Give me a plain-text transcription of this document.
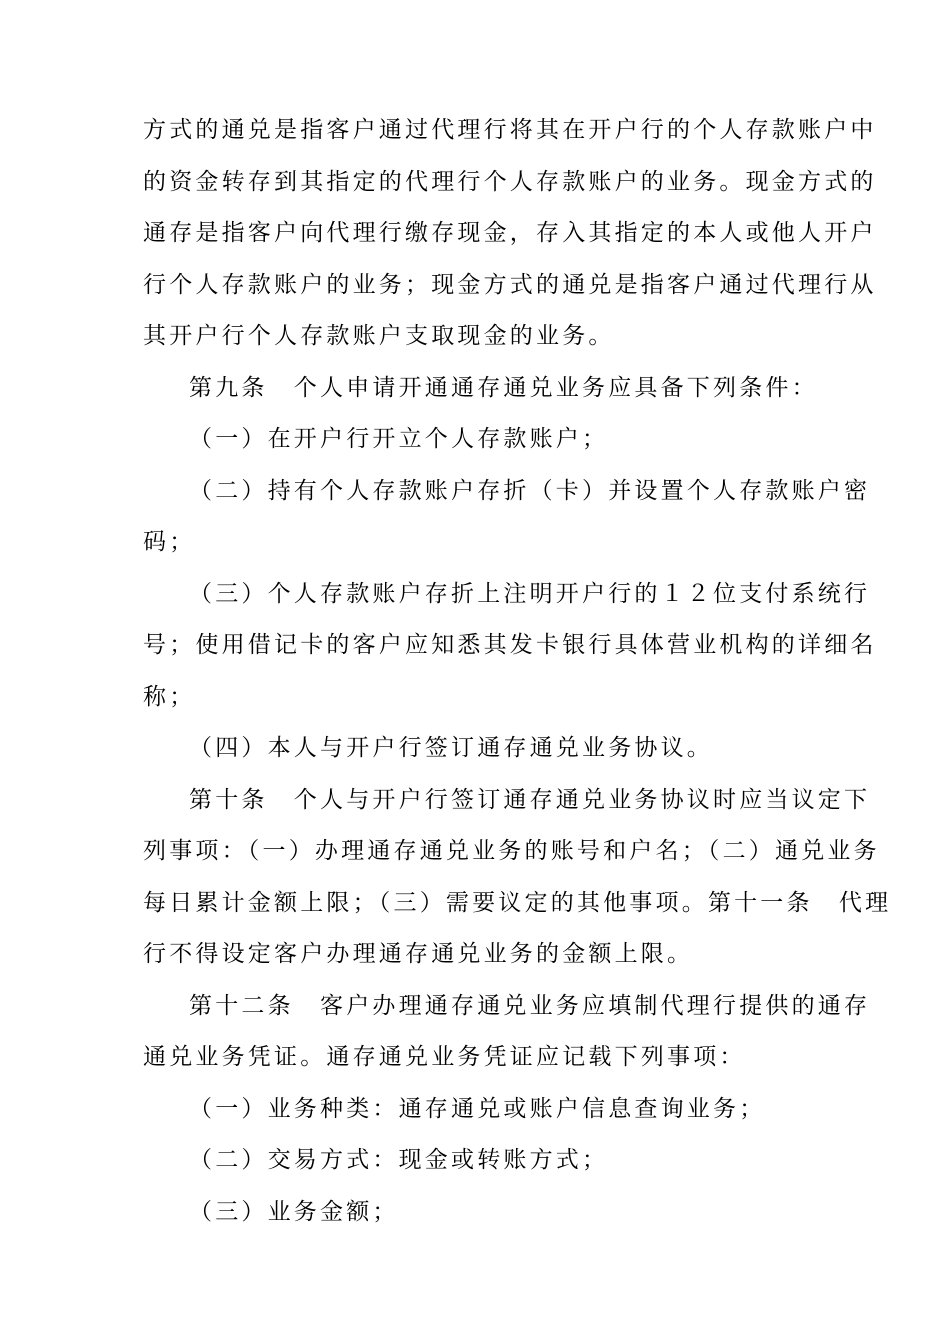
方式的通兑是指客户通过代理行将其在开户行的个人存款账户中
的资金转存到其指定的代理行个人存款账户的业务。现金方式的
通存是指客户向代理行缴存现金，存入其指定的本人或他人开户
行个人存款账户的业务；现金方式的通兑是指客户通过代理行从
其开户行个人存款账户支取现金的业务。
第九条　个人申请开通通存通兑业务应具备下列条件：
（一）在开户行开立个人存款账户；
（二）持有个人存款账户存折（卡）并设置个人存款账户密
码；
（三）个人存款账户存折上注明开户行的１２位支付系统行
号；使用借记卡的客户应知悉其发卡银行具体营业机构的详细名
称；
（四）本人与开户行签订通存通兑业务协议。
第十条　个人与开户行签订通存通兑业务协议时应当议定下
列事项：（一）办理通存通兑业务的账号和户名；（二）通兑业务
每日累计金额上限；（三）需要议定的其他事项。第十一条　代理
行不得设定客户办理通存通兑业务的金额上限。
第十二条　客户办理通存通兑业务应填制代理行提供的通存
通兑业务凭证。通存通兑业务凭证应记载下列事项：
（一）业务种类：通存通兑或账户信息查询业务；
（二）交易方式：现金或转账方式；
（三）业务金额；
